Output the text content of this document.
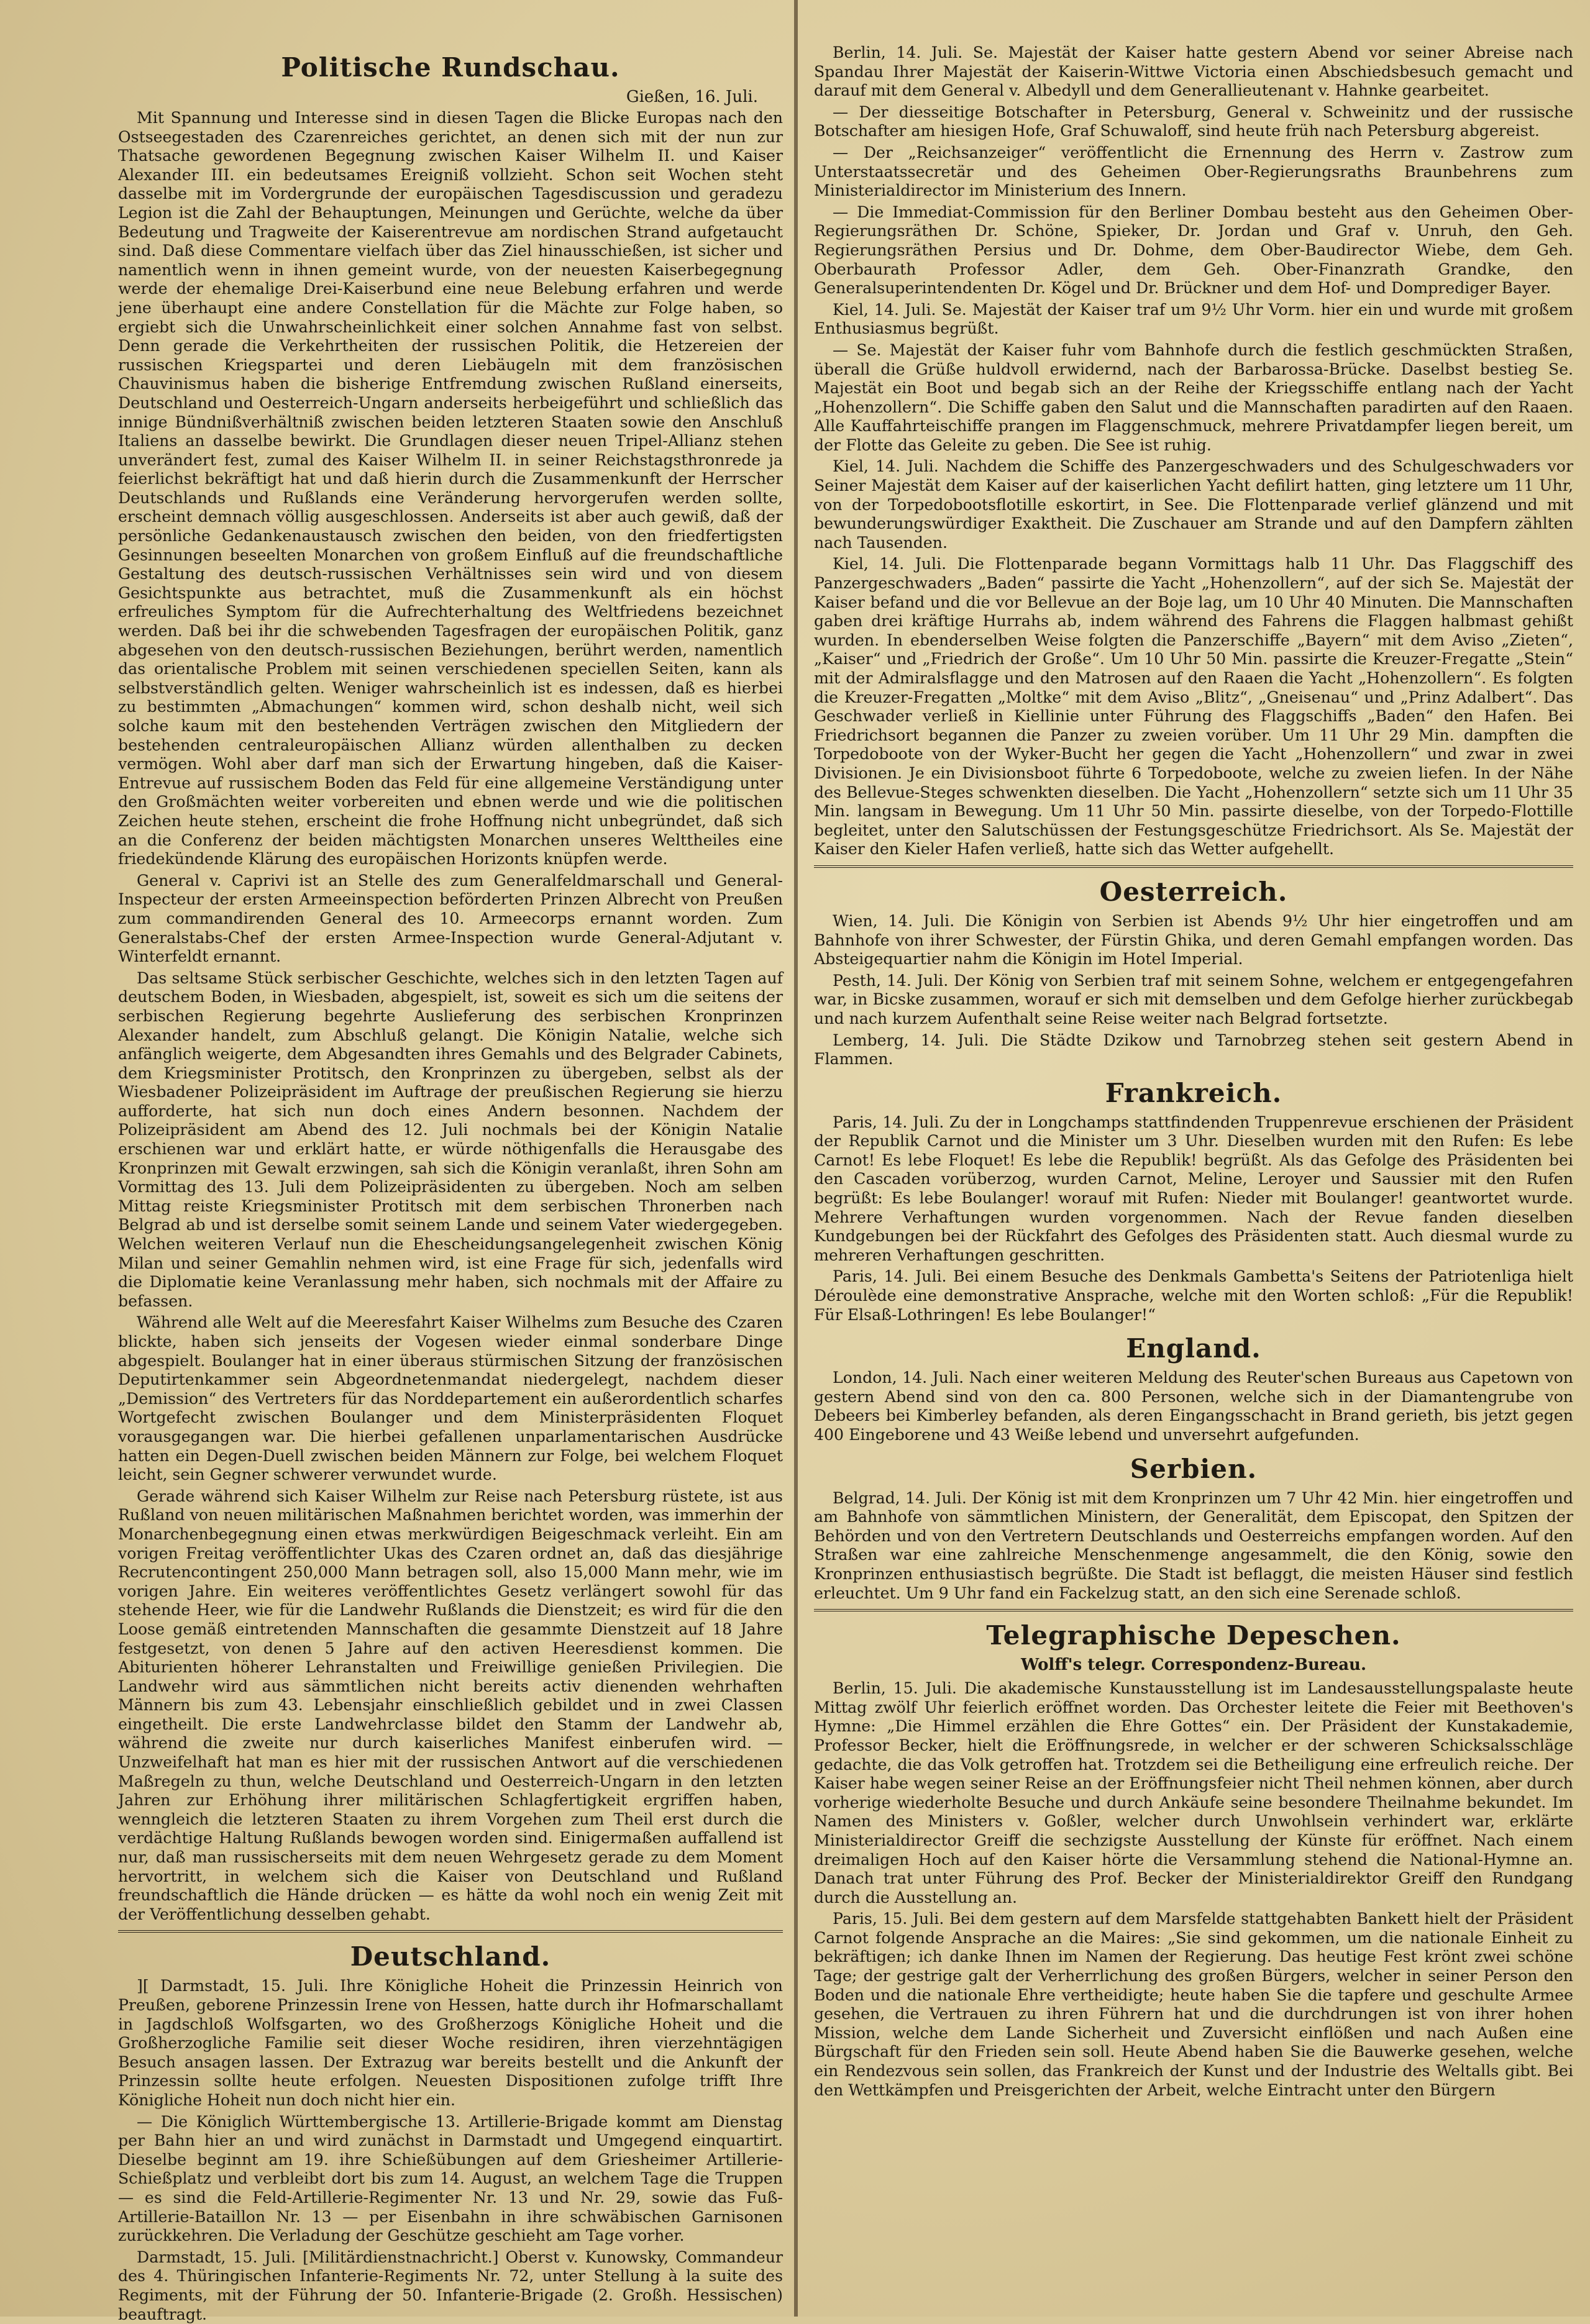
Politische Rundschau.
Gießen, 16. Juli.

Mit Spannung und Interesse sind in diesen Tagen die Blicke Europas nach den Ostseegestaden des Czarenreiches gerichtet, an denen sich mit der nun zur Thatsache gewordenen Begegnung zwischen Kaiser Wilhelm II. und Kaiser Alexander III. ein bedeutsames Ereigniß vollzieht. Schon seit Wochen steht dasselbe mit im Vordergrunde der europäischen Tagesdiscussion und geradezu Legion ist die Zahl der Behauptungen, Meinungen und Gerüchte, welche da über Bedeutung und Tragweite der Kaiserentrevue am nordischen Strand aufgetaucht sind. Daß diese Commentare vielfach über das Ziel hinausschießen, ist sicher und namentlich wenn in ihnen gemeint wurde, von der neuesten Kaiserbegegnung werde der ehemalige Drei-Kaiserbund eine neue Belebung erfahren und werde jene überhaupt eine andere Constellation für die Mächte zur Folge haben, so ergiebt sich die Unwahrscheinlichkeit einer solchen Annahme fast von selbst. Denn gerade die Verkehrtheiten der russischen Politik, die Hetzereien der russischen Kriegspartei und deren Liebäugeln mit dem französischen Chauvinismus haben die bisherige Entfremdung zwischen Rußland einerseits, Deutschland und Oesterreich-Ungarn anderseits herbeigeführt und schließlich das innige Bündnißverhältniß zwischen beiden letzteren Staaten sowie den Anschluß Italiens an dasselbe bewirkt. Die Grundlagen dieser neuen Tripel-Allianz stehen unverändert fest, zumal des Kaiser Wilhelm II. in seiner Reichstagsthronrede ja feierlichst bekräftigt hat und daß hierin durch die Zusammenkunft der Herrscher Deutschlands und Rußlands eine Veränderung hervorgerufen werden sollte, erscheint demnach völlig ausgeschlossen. Anderseits ist aber auch gewiß, daß der persönliche Gedankenaustausch zwischen den beiden, von den friedfertigsten Gesinnungen beseelten Monarchen von großem Einfluß auf die freundschaftliche Gestaltung des deutsch-russischen Verhältnisses sein wird und von diesem Gesichtspunkte aus betrachtet, muß die Zusammenkunft als ein höchst erfreuliches Symptom für die Aufrechterhaltung des Weltfriedens bezeichnet werden. Daß bei ihr die schwebenden Tagesfragen der europäischen Politik, ganz abgesehen von den deutsch-russischen Beziehungen, berührt werden, namentlich das orientalische Problem mit seinen verschiedenen speciellen Seiten, kann als selbstverständlich gelten. Weniger wahrscheinlich ist es indessen, daß es hierbei zu bestimmten „Abmachungen“ kommen wird, schon deshalb nicht, weil sich solche kaum mit den bestehenden Verträgen zwischen den Mitgliedern der bestehenden centraleuropäischen Allianz würden allenthalben zu decken vermögen. Wohl aber darf man sich der Erwartung hingeben, daß die Kaiser-Entrevue auf russischem Boden das Feld für eine allgemeine Verständigung unter den Großmächten weiter vorbereiten und ebnen werde und wie die politischen Zeichen heute stehen, erscheint die frohe Hoffnung nicht unbegründet, daß sich an die Conferenz der beiden mächtigsten Monarchen unseres Welttheiles eine friedekündende Klärung des europäischen Horizonts knüpfen werde.

General v. Caprivi ist an Stelle des zum Generalfeldmarschall und General-Inspecteur der ersten Armeeinspection beförderten Prinzen Albrecht von Preußen zum commandirenden General des 10. Armeecorps ernannt worden. Zum Generalstabs-Chef der ersten Armee-Inspection wurde General-Adjutant v. Winterfeldt ernannt.

Das seltsame Stück serbischer Geschichte, welches sich in den letzten Tagen auf deutschem Boden, in Wiesbaden, abgespielt, ist, soweit es sich um die seitens der serbischen Regierung begehrte Auslieferung des serbischen Kronprinzen Alexander handelt, zum Abschluß gelangt. Die Königin Natalie, welche sich anfänglich weigerte, dem Abgesandten ihres Gemahls und des Belgrader Cabinets, dem Kriegsminister Protitsch, den Kronprinzen zu übergeben, selbst als der Wiesbadener Polizeipräsident im Auftrage der preußischen Regierung sie hierzu aufforderte, hat sich nun doch eines Andern besonnen. Nachdem der Polizeipräsident am Abend des 12. Juli nochmals bei der Königin Natalie erschienen war und erklärt hatte, er würde nöthigenfalls die Herausgabe des Kronprinzen mit Gewalt erzwingen, sah sich die Königin veranlaßt, ihren Sohn am Vormittag des 13. Juli dem Polizeipräsidenten zu übergeben. Noch am selben Mittag reiste Kriegsminister Protitsch mit dem serbischen Thronerben nach Belgrad ab und ist derselbe somit seinem Lande und seinem Vater wiedergegeben. Welchen weiteren Verlauf nun die Ehescheidungsangelegenheit zwischen König Milan und seiner Gemahlin nehmen wird, ist eine Frage für sich, jedenfalls wird die Diplomatie keine Veranlassung mehr haben, sich nochmals mit der Affaire zu befassen.

Während alle Welt auf die Meeresfahrt Kaiser Wilhelms zum Besuche des Czaren blickte, haben sich jenseits der Vogesen wieder einmal sonderbare Dinge abgespielt. Boulanger hat in einer überaus stürmischen Sitzung der französischen Deputirtenkammer sein Abgeordnetenmandat niedergelegt, nachdem dieser „Demission“ des Vertreters für das Norddepartement ein außerordentlich scharfes Wortgefecht zwischen Boulanger und dem Ministerpräsidenten Floquet vorausgegangen war. Die hierbei gefallenen unparlamentarischen Ausdrücke hatten ein Degen-Duell zwischen beiden Männern zur Folge, bei welchem Floquet leicht, sein Gegner schwerer verwundet wurde.

Gerade während sich Kaiser Wilhelm zur Reise nach Petersburg rüstete, ist aus Rußland von neuen militärischen Maßnahmen berichtet worden, was immerhin der Monarchenbegegnung einen etwas merkwürdigen Beigeschmack verleiht. Ein am vorigen Freitag veröffentlichter Ukas des Czaren ordnet an, daß das diesjährige Recrutencontingent 250,000 Mann betragen soll, also 15,000 Mann mehr, wie im vorigen Jahre. Ein weiteres veröffentlichtes Gesetz verlängert sowohl für das stehende Heer, wie für die Landwehr Rußlands die Dienstzeit; es wird für die den Loose gemäß eintretenden Mannschaften die gesammte Dienstzeit auf 18 Jahre festgesetzt, von denen 5 Jahre auf den activen Heeresdienst kommen. Die Abiturienten höherer Lehranstalten und Freiwillige genießen Privilegien. Die Landwehr wird aus sämmtlichen nicht bereits activ dienenden wehrhaften Männern bis zum 43. Lebensjahr einschließlich gebildet und in zwei Classen eingetheilt. Die erste Landwehrclasse bildet den Stamm der Landwehr ab, während die zweite nur durch kaiserliches Manifest einberufen wird. — Unzweifelhaft hat man es hier mit der russischen Antwort auf die verschiedenen Maßregeln zu thun, welche Deutschland und Oesterreich-Ungarn in den letzten Jahren zur Erhöhung ihrer militärischen Schlagfertigkeit ergriffen haben, wenngleich die letzteren Staaten zu ihrem Vorgehen zum Theil erst durch die verdächtige Haltung Rußlands bewogen worden sind. Einigermaßen auffallend ist nur, daß man russischerseits mit dem neuen Wehrgesetz gerade zu dem Moment hervortritt, in welchem sich die Kaiser von Deutschland und Rußland freundschaftlich die Hände drücken — es hätte da wohl noch ein wenig Zeit mit der Veröffentlichung desselben gehabt.

Deutschland.

][ Darmstadt, 15. Juli. Ihre Königliche Hoheit die Prinzessin Heinrich von Preußen, geborene Prinzessin Irene von Hessen, hatte durch ihr Hofmarschallamt in Jagdschloß Wolfsgarten, wo des Großherzogs Königliche Hoheit und die Großherzogliche Familie seit dieser Woche residiren, ihren vierzehntägigen Besuch ansagen lassen. Der Extrazug war bereits bestellt und die Ankunft der Prinzessin sollte heute erfolgen. Neuesten Dispositionen zufolge trifft Ihre Königliche Hoheit nun doch nicht hier ein.

— Die Königlich Württembergische 13. Artillerie-Brigade kommt am Dienstag per Bahn hier an und wird zunächst in Darmstadt und Umgegend einquartirt. Dieselbe beginnt am 19. ihre Schießübungen auf dem Griesheimer Artillerie-Schießplatz und verbleibt dort bis zum 14. August, an welchem Tage die Truppen — es sind die Feld-Artillerie-Regimenter Nr. 13 und Nr. 29, sowie das Fuß-Artillerie-Bataillon Nr. 13 — per Eisenbahn in ihre schwäbischen Garnisonen zurückkehren. Die Verladung der Geschütze geschieht am Tage vorher.

Darmstadt, 15. Juli. [Militärdienstnachricht.] Oberst v. Kunowsky, Commandeur des 4. Thüringischen Infanterie-Regiments Nr. 72, unter Stellung à la suite des Regiments, mit der Führung der 50. Infanterie-Brigade (2. Großh. Hessischen) beauftragt.

Berlin, 14. Juli. Se. Majestät der Kaiser hatte gestern Abend vor seiner Abreise nach Spandau Ihrer Majestät der Kaiserin-Wittwe Victoria einen Abschiedsbesuch gemacht und darauf mit dem General v. Albedyll und dem Generallieutenant v. Hahnke gearbeitet.

— Der diesseitige Botschafter in Petersburg, General v. Schweinitz und der russische Botschafter am hiesigen Hofe, Graf Schuwaloff, sind heute früh nach Petersburg abgereist.

— Der „Reichsanzeiger“ veröffentlicht die Ernennung des Herrn v. Zastrow zum Unterstaatssecretär und des Geheimen Ober-Regierungsraths Braunbehrens zum Ministerialdirector im Ministerium des Innern.

— Die Immediat-Commission für den Berliner Dombau besteht aus den Geheimen Ober-Regierungsräthen Dr. Schöne, Spieker, Dr. Jordan und Graf v. Unruh, den Geh. Regierungsräthen Persius und Dr. Dohme, dem Ober-Baudirector Wiebe, dem Geh. Oberbaurath Professor Adler, dem Geh. Ober-Finanzrath Grandke, den Generalsuperintendenten Dr. Kögel und Dr. Brückner und dem Hof- und Domprediger Bayer.

Kiel, 14. Juli. Se. Majestät der Kaiser traf um 9½ Uhr Vorm. hier ein und wurde mit großem Enthusiasmus begrüßt.

— Se. Majestät der Kaiser fuhr vom Bahnhofe durch die festlich geschmückten Straßen, überall die Grüße huldvoll erwidernd, nach der Barbarossa-Brücke. Daselbst bestieg Se. Majestät ein Boot und begab sich an der Reihe der Kriegsschiffe entlang nach der Yacht „Hohenzollern“. Die Schiffe gaben den Salut und die Mannschaften paradirten auf den Raaen. Alle Kauffahrteischiffe prangen im Flaggenschmuck, mehrere Privatdampfer liegen bereit, um der Flotte das Geleite zu geben. Die See ist ruhig.

Kiel, 14. Juli. Nachdem die Schiffe des Panzergeschwaders und des Schulgeschwaders vor Seiner Majestät dem Kaiser auf der kaiserlichen Yacht defilirt hatten, ging letztere um 11 Uhr, von der Torpedobootsflotille eskortirt, in See. Die Flottenparade verlief glänzend und mit bewunderungswürdiger Exaktheit. Die Zuschauer am Strande und auf den Dampfern zählten nach Tausenden.

Kiel, 14. Juli. Die Flottenparade begann Vormittags halb 11 Uhr. Das Flaggschiff des Panzergeschwaders „Baden“ passirte die Yacht „Hohenzollern“, auf der sich Se. Majestät der Kaiser befand und die vor Bellevue an der Boje lag, um 10 Uhr 40 Minuten. Die Mannschaften gaben drei kräftige Hurrahs ab, indem während des Fahrens die Flaggen halbmast gehißt wurden. In ebenderselben Weise folgten die Panzerschiffe „Bayern“ mit dem Aviso „Zieten“, „Kaiser“ und „Friedrich der Große“. Um 10 Uhr 50 Min. passirte die Kreuzer-Fregatte „Stein“ mit der Admiralsflagge und den Matrosen auf den Raaen die Yacht „Hohenzollern“. Es folgten die Kreuzer-Fregatten „Moltke“ mit dem Aviso „Blitz“, „Gneisenau“ und „Prinz Adalbert“. Das Geschwader verließ in Kiellinie unter Führung des Flaggschiffs „Baden“ den Hafen. Bei Friedrichsort begannen die Panzer zu zweien vorüber. Um 11 Uhr 29 Min. dampften die Torpedoboote von der Wyker-Bucht her gegen die Yacht „Hohenzollern“ und zwar in zwei Divisionen. Je ein Divisionsboot führte 6 Torpedoboote, welche zu zweien liefen. In der Nähe des Bellevue-Steges schwenkten dieselben. Die Yacht „Hohenzollern“ setzte sich um 11 Uhr 35 Min. langsam in Bewegung. Um 11 Uhr 50 Min. passirte dieselbe, von der Torpedo-Flottille begleitet, unter den Salutschüssen der Festungsgeschütze Friedrichsort. Als Se. Majestät der Kaiser den Kieler Hafen verließ, hatte sich das Wetter aufgehellt.

Oesterreich.

Wien, 14. Juli. Die Königin von Serbien ist Abends 9½ Uhr hier eingetroffen und am Bahnhofe von ihrer Schwester, der Fürstin Ghika, und deren Gemahl empfangen worden. Das Absteigequartier nahm die Königin im Hotel Imperial.

Pesth, 14. Juli. Der König von Serbien traf mit seinem Sohne, welchem er entgegengefahren war, in Bicske zusammen, worauf er sich mit demselben und dem Gefolge hierher zurückbegab und nach kurzem Aufenthalt seine Reise weiter nach Belgrad fortsetzte.

Lemberg, 14. Juli. Die Städte Dzikow und Tarnobrzeg stehen seit gestern Abend in Flammen.

Frankreich.

Paris, 14. Juli. Zu der in Longchamps stattfindenden Truppenrevue erschienen der Präsident der Republik Carnot und die Minister um 3 Uhr. Dieselben wurden mit den Rufen: Es lebe Carnot! Es lebe Floquet! Es lebe die Republik! begrüßt. Als das Gefolge des Präsidenten bei den Cascaden vorüberzog, wurden Carnot, Meline, Leroyer und Saussier mit den Rufen begrüßt: Es lebe Boulanger! worauf mit Rufen: Nieder mit Boulanger! geantwortet wurde. Mehrere Verhaftungen wurden vorgenommen. Nach der Revue fanden dieselben Kundgebungen bei der Rückfahrt des Gefolges des Präsidenten statt. Auch diesmal wurde zu mehreren Verhaftungen geschritten.

Paris, 14. Juli. Bei einem Besuche des Denkmals Gambetta's Seitens der Patriotenliga hielt Déroulède eine demonstrative Ansprache, welche mit den Worten schloß: „Für die Republik! Für Elsaß-Lothringen! Es lebe Boulanger!“

England.

London, 14. Juli. Nach einer weiteren Meldung des Reuter'schen Bureaus aus Capetown von gestern Abend sind von den ca. 800 Personen, welche sich in der Diamantengrube von Debeers bei Kimberley befanden, als deren Eingangsschacht in Brand gerieth, bis jetzt gegen 400 Eingeborene und 43 Weiße lebend und unversehrt aufgefunden.

Serbien.

Belgrad, 14. Juli. Der König ist mit dem Kronprinzen um 7 Uhr 42 Min. hier eingetroffen und am Bahnhofe von sämmtlichen Ministern, der Generalität, dem Episcopat, den Spitzen der Behörden und von den Vertretern Deutschlands und Oesterreichs empfangen worden. Auf den Straßen war eine zahlreiche Menschenmenge angesammelt, die den König, sowie den Kronprinzen enthusiastisch begrüßte. Die Stadt ist beflaggt, die meisten Häuser sind festlich erleuchtet. Um 9 Uhr fand ein Fackelzug statt, an den sich eine Serenade schloß.

Telegraphische Depeschen.
Wolff's telegr. Correspondenz-Bureau.

Berlin, 15. Juli. Die akademische Kunstausstellung ist im Landesausstellungspalaste heute Mittag zwölf Uhr feierlich eröffnet worden. Das Orchester leitete die Feier mit Beethoven's Hymne: „Die Himmel erzählen die Ehre Gottes“ ein. Der Präsident der Kunstakademie, Professor Becker, hielt die Eröffnungsrede, in welcher er der schweren Schicksalsschläge gedachte, die das Volk getroffen hat. Trotzdem sei die Betheiligung eine erfreulich reiche. Der Kaiser habe wegen seiner Reise an der Eröffnungsfeier nicht Theil nehmen können, aber durch vorherige wiederholte Besuche und durch Ankäufe seine besondere Theilnahme bekundet. Im Namen des Ministers v. Goßler, welcher durch Unwohlsein verhindert war, erklärte Ministerialdirector Greiff die sechzigste Ausstellung der Künste für eröffnet. Nach einem dreimaligen Hoch auf den Kaiser hörte die Versammlung stehend die National-Hymne an. Danach trat unter Führung des Prof. Becker der Ministerialdirektor Greiff den Rundgang durch die Ausstellung an.

Paris, 15. Juli. Bei dem gestern auf dem Marsfelde stattgehabten Bankett hielt der Präsident Carnot folgende Ansprache an die Maires: „Sie sind gekommen, um die nationale Einheit zu bekräftigen; ich danke Ihnen im Namen der Regierung. Das heutige Fest krönt zwei schöne Tage; der gestrige galt der Verherrlichung des großen Bürgers, welcher in seiner Person den Boden und die nationale Ehre vertheidigte; heute haben Sie die tapfere und geschulte Armee gesehen, die Vertrauen zu ihren Führern hat und die durchdrungen ist von ihrer hohen Mission, welche dem Lande Sicherheit und Zuversicht einflößen und nach Außen eine Bürgschaft für den Frieden sein soll. Heute Abend haben Sie die Bauwerke gesehen, welche ein Rendezvous sein sollen, das Frankreich der Kunst und der Industrie des Weltalls gibt. Bei den Wettkämpfen und Preisgerichten der Arbeit, welche Eintracht unter den Bürgern
